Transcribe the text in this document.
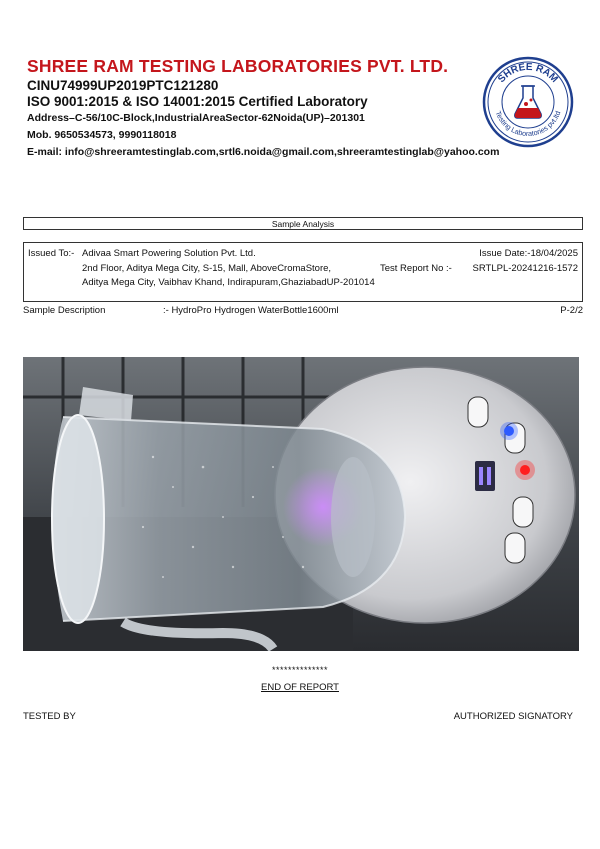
SHREE RAM TESTING LABORATORIES PVT. LTD.
CINU74999UP2019PTC121280
ISO 9001:2015 & ISO 14001:2015 Certified Laboratory
Address–C-56/10C-Block,IndustrialAreaSector-62Noida(UP)–201301
Mob. 9650534573, 9990118018
E-mail: info@shreeramtestinglab.com,srtl6.noida@gmail.com,shreeramtestinglab@yahoo.com
SHREE RAM
Testing Laboratories pvt.ltd
Sample Analysis
Issued To:- Adivaa Smart Powering Solution Pvt. Ltd.
2nd Floor, Aditya Mega City, S-15, Mall, AboveCromaStore,
Aditya Mega City, Vaibhav Khand, Indirapuram,GhaziabadUP-201014
Issue Date:-18/04/2025
Test Report No :- SRTLPL-20241216-1572
Sample Description	:- HydroPro Hydrogen WaterBottle1600ml	P-2/2
**************
END OF REPORT
TESTED BY	AUTHORIZED SIGNATORY
